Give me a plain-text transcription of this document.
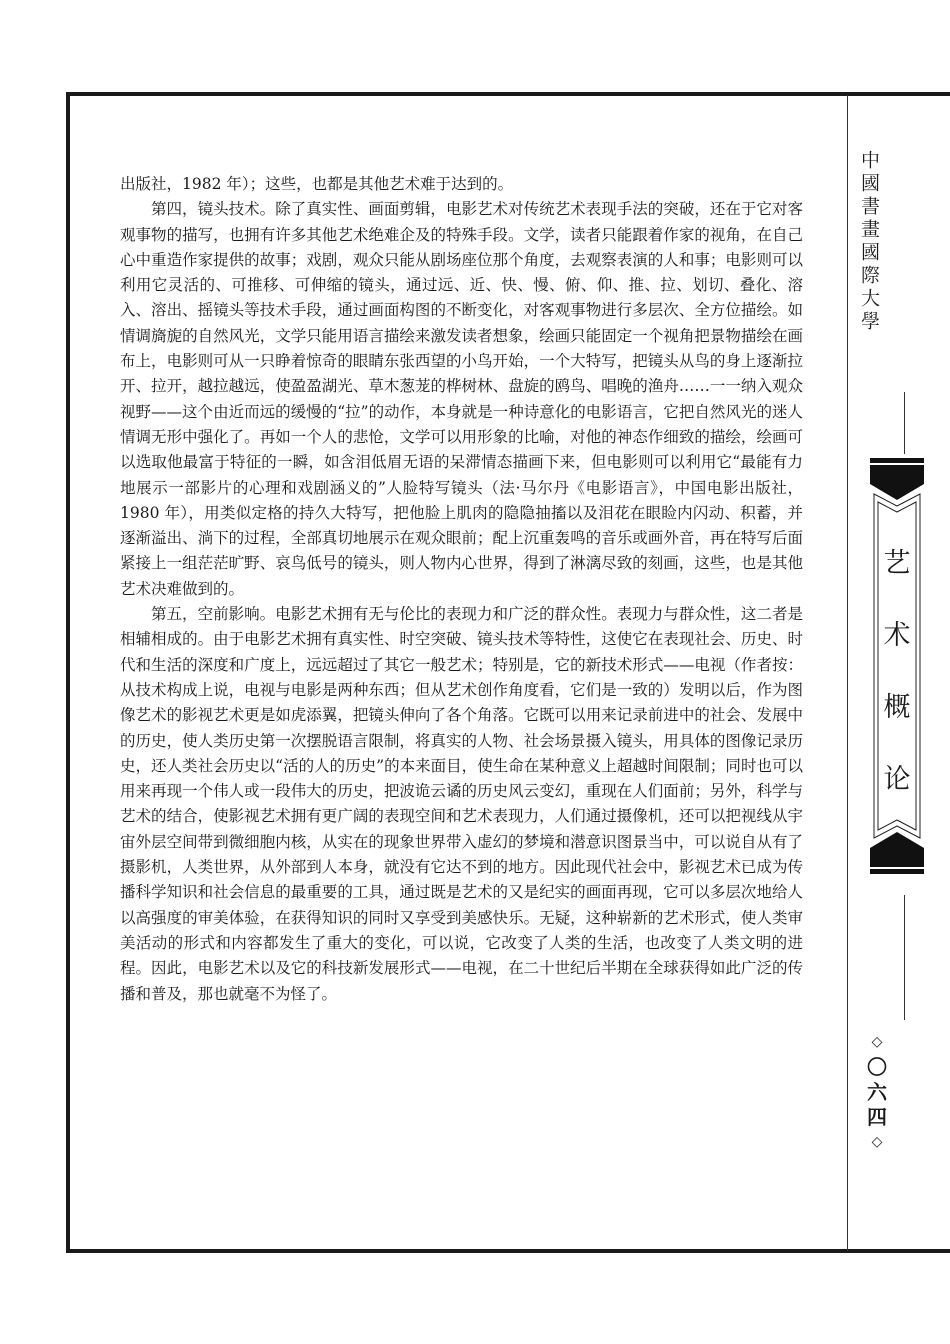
出版社，1982 年）；这些，也都是其他艺术难于达到的。

第四，镜头技术。除了真实性、画面剪辑，电影艺术对传统艺术表现手法的突破，还在于它对客观事物的描写，也拥有许多其他艺术绝难企及的特殊手段。文学，读者只能跟着作家的视角，在自己心中重造作家提供的故事；戏剧，观众只能从剧场座位那个角度，去观察表演的人和事；电影则可以利用它灵活的、可推移、可伸缩的镜头，通过远、近、快、慢、俯、仰、推、拉、划切、叠化、溶入、溶出、摇镜头等技术手段，通过画面构图的不断变化，对客观事物进行多层次、全方位描绘。如情调旖旎的自然风光，文学只能用语言描绘来激发读者想象，绘画只能固定一个视角把景物描绘在画布上，电影则可从一只睁着惊奇的眼睛东张西望的小鸟开始，一个大特写，把镜头从鸟的身上逐渐拉开、拉开，越拉越远，使盈盈湖光、草木葱茏的桦树林、盘旋的鸥鸟、唱晚的渔舟……一一纳入观众视野——这个由近而远的缓慢的“拉”的动作，本身就是一种诗意化的电影语言，它把自然风光的迷人情调无形中强化了。再如一个人的悲怆，文学可以用形象的比喻，对他的神态作细致的描绘，绘画可以选取他最富于特征的一瞬，如含泪低眉无语的呆滞情态描画下来，但电影则可以利用它“最能有力地展示一部影片的心理和戏剧涵义的”人脸特写镜头（法·马尔丹《电影语言》，中国电影出版社，1980 年），用类似定格的持久大特写，把他脸上肌肉的隐隐抽搐以及泪花在眼睑内闪动、积蓄，并逐渐溢出、淌下的过程，全部真切地展示在观众眼前；配上沉重轰鸣的音乐或画外音，再在特写后面紧接上一组茫茫旷野、哀鸟低号的镜头，则人物内心世界，得到了淋漓尽致的刻画，这些，也是其他艺术决难做到的。

第五，空前影响。电影艺术拥有无与伦比的表现力和广泛的群众性。表现力与群众性，这二者是相辅相成的。由于电影艺术拥有真实性、时空突破、镜头技术等特性，这使它在表现社会、历史、时代和生活的深度和广度上，远远超过了其它一般艺术；特别是，它的新技术形式——电视（作者按：从技术构成上说，电视与电影是两种东西；但从艺术创作角度看，它们是一致的）发明以后，作为图像艺术的影视艺术更是如虎添翼，把镜头伸向了各个角落。它既可以用来记录前进中的社会、发展中的历史，使人类历史第一次摆脱语言限制，将真实的人物、社会场景摄入镜头，用具体的图像记录历史，还人类社会历史以“活的人的历史”的本来面目，使生命在某种意义上超越时间限制；同时也可以用来再现一个伟人或一段伟大的历史，把波诡云谲的历史风云变幻，重现在人们面前；另外，科学与艺术的结合，使影视艺术拥有更广阔的表现空间和艺术表现力，人们通过摄像机，还可以把视线从宇宙外层空间带到微细胞内核，从实在的现象世界带入虚幻的梦境和潜意识图景当中，可以说自从有了摄影机，人类世界，从外部到人本身，就没有它达不到的地方。因此现代社会中，影视艺术已成为传播科学知识和社会信息的最重要的工具，通过既是艺术的又是纪实的画面再现，它可以多层次地给人以高强度的审美体验，在获得知识的同时又享受到美感快乐。无疑，这种崭新的艺术形式，使人类审美活动的形式和内容都发生了重大的变化，可以说，它改变了人类的生活，也改变了人类文明的进程。因此，电影艺术以及它的科技新发展形式——电视，在二十世纪后半期在全球获得如此广泛的传播和普及，那也就毫不为怪了。

中國書畫國際大學
艺
术
概
论
◇
〇
六
四
◇
